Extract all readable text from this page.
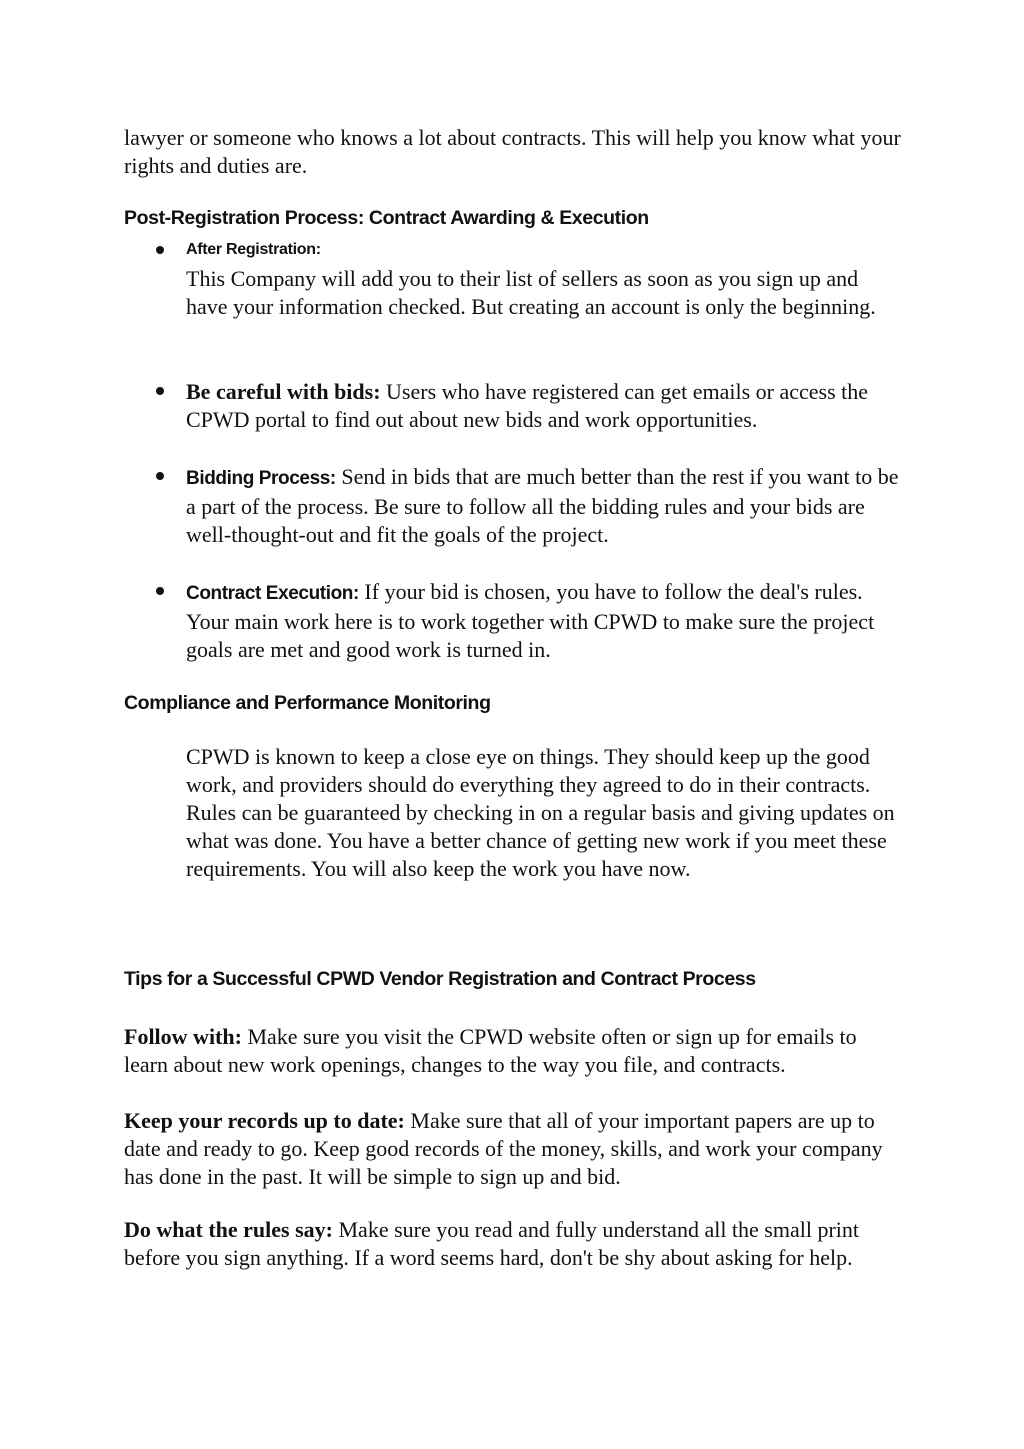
lawyer or someone who knows a lot about contracts. This will help you know what your rights and duties are.
Post-Registration Process: Contract Awarding & Execution
After Registration:
This Company will add you to their list of sellers as soon as you sign up and have your information checked. But creating an account is only the beginning.
Be careful with bids: Users who have registered can get emails or access the CPWD portal to find out about new bids and work opportunities.
Bidding Process: Send in bids that are much better than the rest if you want to be a part of the process. Be sure to follow all the bidding rules and your bids are well-thought-out and fit the goals of the project.
Contract Execution: If your bid is chosen, you have to follow the deal's rules. Your main work here is to work together with CPWD to make sure the project goals are met and good work is turned in.
Compliance and Performance Monitoring
CPWD is known to keep a close eye on things. They should keep up the good work, and providers should do everything they agreed to do in their contracts. Rules can be guaranteed by checking in on a regular basis and giving updates on what was done. You have a better chance of getting new work if you meet these requirements. You will also keep the work you have now.
Tips for a Successful CPWD Vendor Registration and Contract Process
Follow with: Make sure you visit the CPWD website often or sign up for emails to learn about new work openings, changes to the way you file, and contracts.
Keep your records up to date: Make sure that all of your important papers are up to date and ready to go. Keep good records of the money, skills, and work your company has done in the past. It will be simple to sign up and bid.
Do what the rules say: Make sure you read and fully understand all the small print before you sign anything. If a word seems hard, don't be shy about asking for help.
